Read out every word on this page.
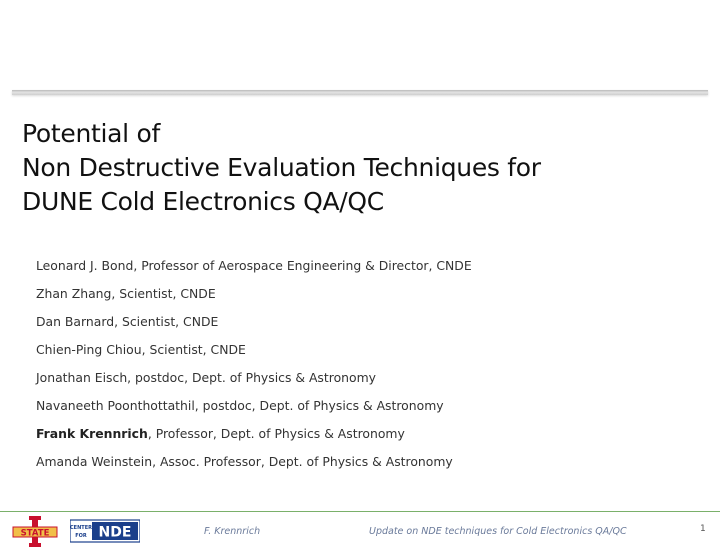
Potential of
Non Destructive Evaluation Techniques for
DUNE Cold Electronics QA/QC
Leonard J. Bond, Professor of Aerospace Engineering & Director, CNDE
Zhan Zhang, Scientist, CNDE
Dan Barnard, Scientist, CNDE
Chien-Ping Chiou, Scientist, CNDE
Jonathan Eisch, postdoc, Dept. of Physics & Astronomy
Navaneeth Poonthottathil, postdoc, Dept. of Physics & Astronomy
Frank Krennrich, Professor, Dept. of Physics & Astronomy
Amanda Weinstein, Assoc. Professor, Dept. of Physics & Astronomy
STATE
CENTER
FOR NDE	F. Krennrich	Update on NDE techniques for Cold Electronics QA/QC	1
